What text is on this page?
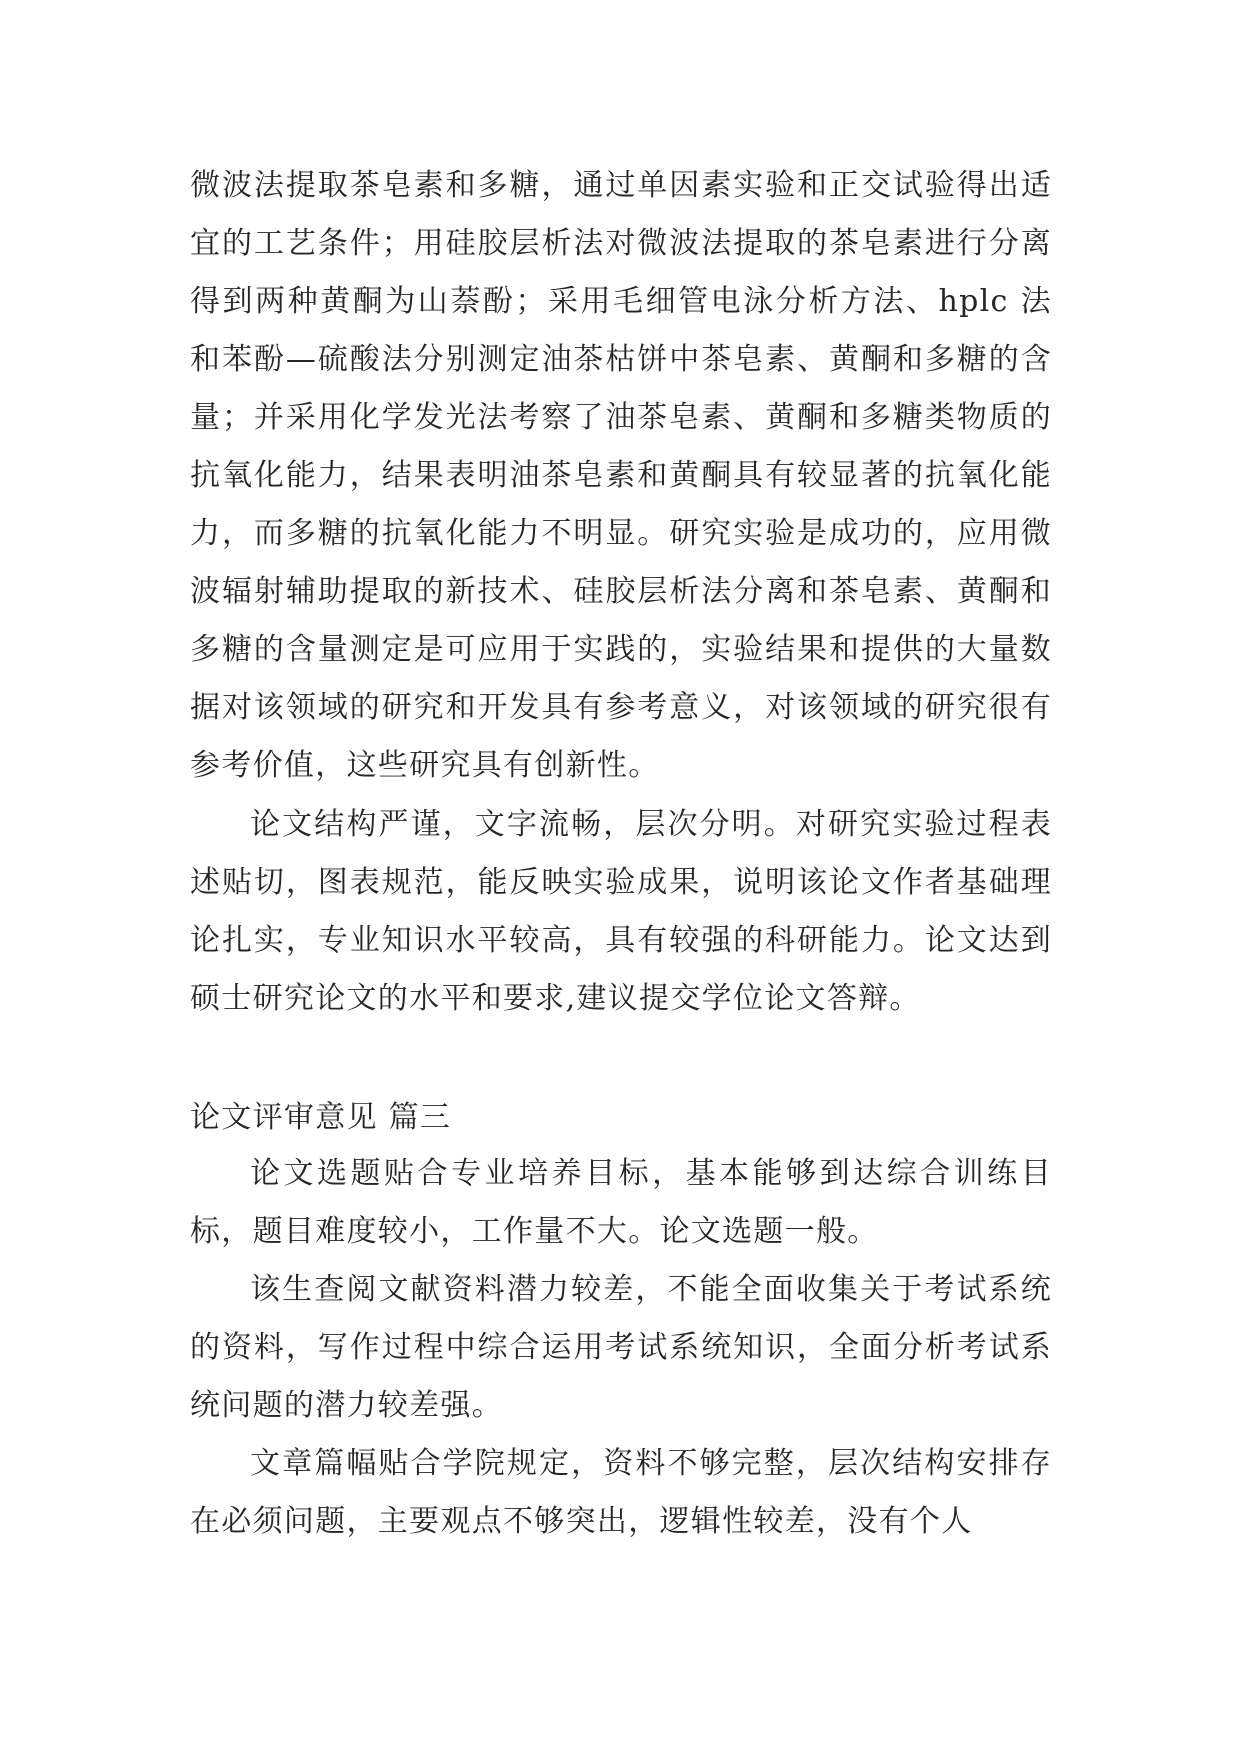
微波法提取茶皂素和多糖，通过单因素实验和正交试验得出适宜的工艺条件；用硅胶层析法对微波法提取的茶皂素进行分离得到两种黄酮为山萘酚；采用毛细管电泳分析方法、hplc 法和苯酚—硫酸法分别测定油茶枯饼中茶皂素、黄酮和多糖的含量；并采用化学发光法考察了油茶皂素、黄酮和多糖类物质的抗氧化能力，结果表明油茶皂素和黄酮具有较显著的抗氧化能力，而多糖的抗氧化能力不明显。研究实验是成功的，应用微波辐射辅助提取的新技术、硅胶层析法分离和茶皂素、黄酮和多糖的含量测定是可应用于实践的，实验结果和提供的大量数据对该领域的研究和开发具有参考意义，对该领域的研究很有参考价值，这些研究具有创新性。

论文结构严谨，文字流畅，层次分明。对研究实验过程表述贴切，图表规范，能反映实验成果，说明该论文作者基础理论扎实，专业知识水平较高，具有较强的科研能力。论文达到硕士研究论文的水平和要求,建议提交学位论文答辩。

论文评审意见 篇三

论文选题贴合专业培养目标，基本能够到达综合训练目标，题目难度较小，工作量不大。论文选题一般。

该生查阅文献资料潜力较差，不能全面收集关于考试系统的资料，写作过程中综合运用考试系统知识，全面分析考试系统问题的潜力较差强。

文章篇幅贴合学院规定，资料不够完整，层次结构安排存在必须问题，主要观点不够突出，逻辑性较差，没有个人
